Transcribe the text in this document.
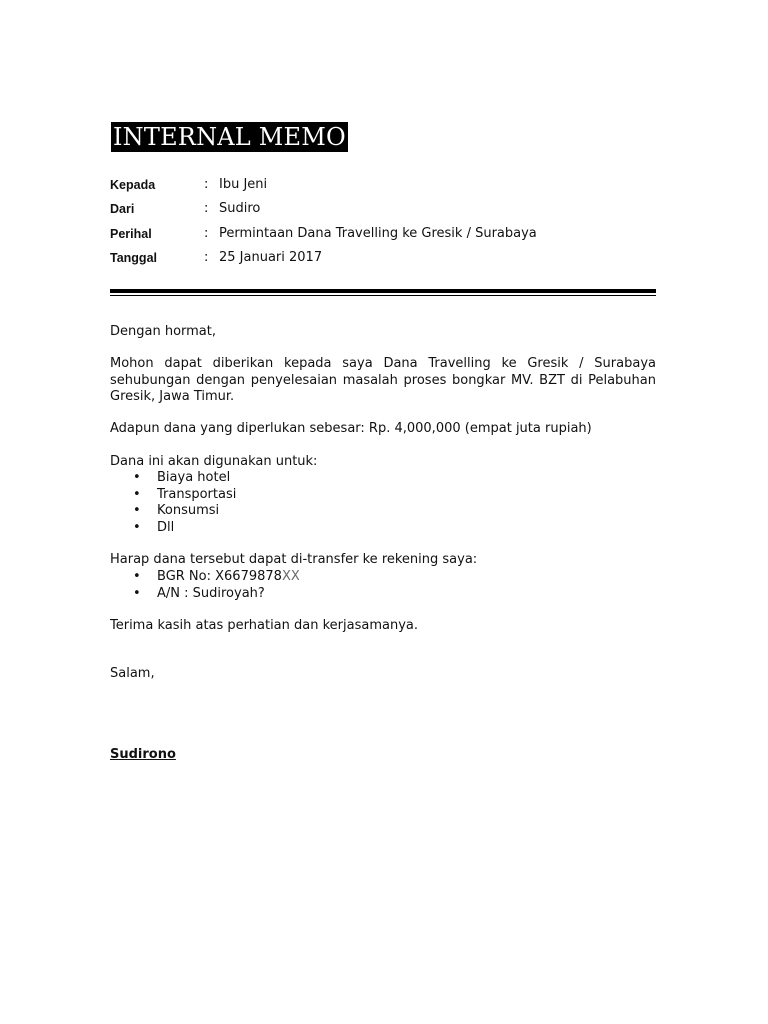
INTERNAL MEMO
Kepada	: Ibu Jeni
Dari	: Sudiro
Perihal	: Permintaan Dana Travelling ke Gresik / Surabaya
Tanggal	: 25 Januari 2017

Dengan hormat,

Mohon dapat diberikan kepada saya Dana Travelling ke Gresik / Surabaya sehubungan dengan penyelesaian masalah proses bongkar MV. BZT di Pelabuhan Gresik, Jawa Timur.

Adapun dana yang diperlukan sebesar: Rp. 4,000,000 (empat juta rupiah)

Dana ini akan digunakan untuk:

• Biaya hotel
• Transportasi
• Konsumsi
• Dll

Harap dana tersebut dapat di-transfer ke rekening saya:

• BGR No: X6679878XX
• A/N : Sudiroyah?

Terima kasih atas perhatian dan kerjasamanya.

Salam,

Sudirono
